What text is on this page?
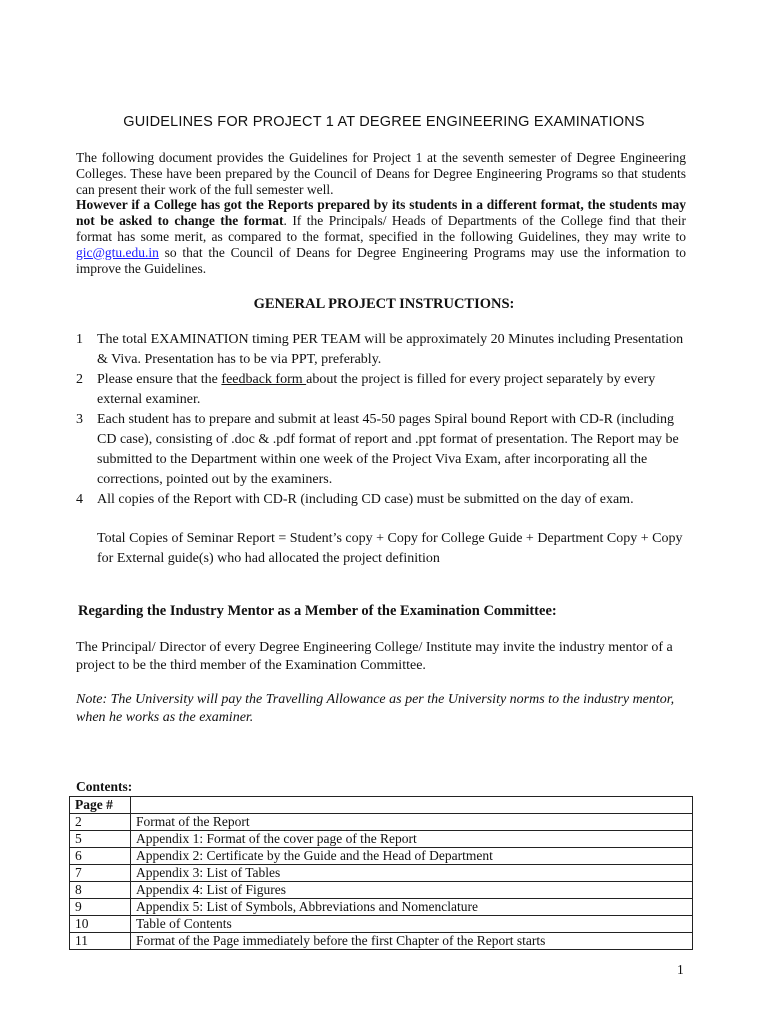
GUIDELINES FOR PROJECT 1 AT DEGREE ENGINEERING EXAMINATIONS

The following document provides the Guidelines for Project 1 at the seventh semester of Degree Engineering Colleges. These have been prepared by the Council of Deans for Degree Engineering Programs so that students can present their work of the full semester well.

However if a College has got the Reports prepared by its students in a different format, the students may not be asked to change the format. If the Principals/ Heads of Departments of the College find that their format has some merit, as compared to the format, specified in the following Guidelines, they may write to gic@gtu.edu.in so that the Council of Deans for Degree Engineering Programs may use the information to improve the Guidelines.

GENERAL PROJECT INSTRUCTIONS:
1 The total EXAMINATION timing PER TEAM will be approximately 20 Minutes including Presentation & Viva. Presentation has to be via PPT, preferably.
2 Please ensure that the feedback form about the project is filled for every project separately by every external examiner.
3 Each student has to prepare and submit at least 45-50 pages Spiral bound Report with CD-R (including CD case), consisting of .doc & .pdf format of report and .ppt format of presentation. The Report may be submitted to the Department within one week of the Project Viva Exam, after incorporating all the corrections, pointed out by the examiners.
4 All copies of the Report with CD-R (including CD case) must be submitted on the day of exam.

Total Copies of Seminar Report = Student’s copy + Copy for College Guide + Department Copy + Copy for External guide(s) who had allocated the project definition

Regarding the Industry Mentor as a Member of the Examination Committee:

The Principal/ Director of every Degree Engineering College/ Institute may invite the industry mentor of a project to be the third member of the Examination Committee.

Note: The University will pay the Travelling Allowance as per the University norms to the industry mentor, when he works as the examiner.

Contents:

Page #	
2	Format of the Report
5	Appendix 1: Format of the cover page of the Report
6	Appendix 2: Certificate by the Guide and the Head of Department
7	Appendix 3: List of Tables
8	Appendix 4: List of Figures
9	Appendix 5: List of Symbols, Abbreviations and Nomenclature
10	Table of Contents
11	Format of the Page immediately before the first Chapter of the Report starts
1
